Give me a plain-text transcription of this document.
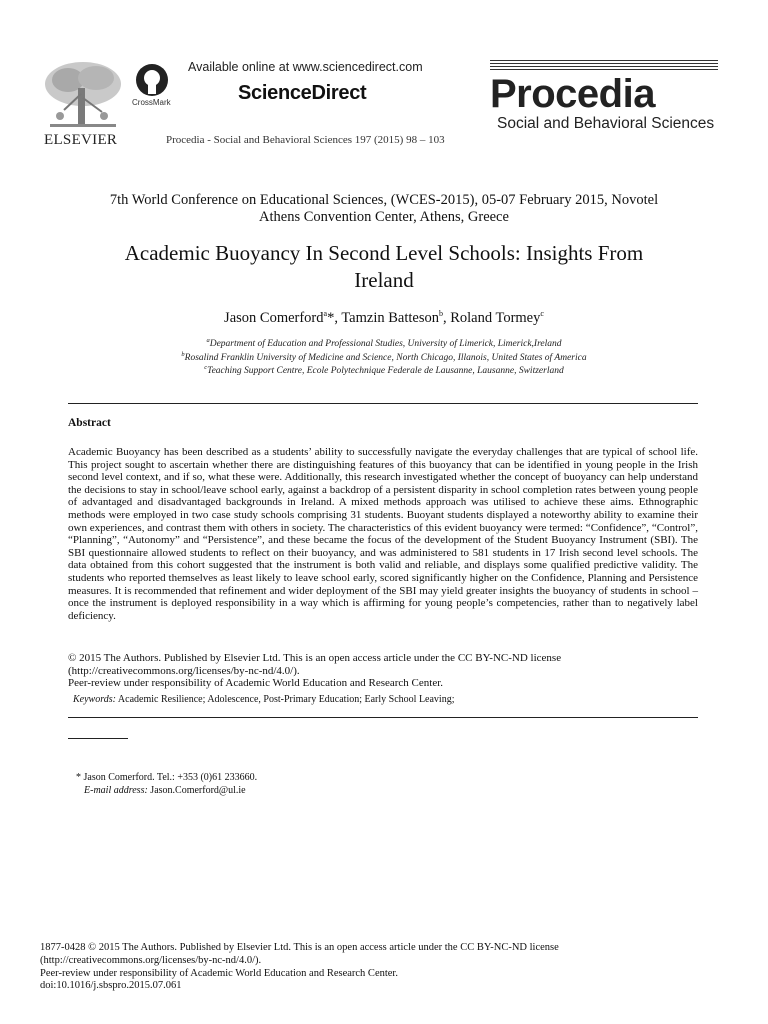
ELSEVIER
CrossMark
Available online at www.sciencedirect.com
ScienceDirect
Procedia - Social and Behavioral Sciences 197 (2015) 98 – 103
Procedia
Social and Behavioral Sciences
7th World Conference on Educational Sciences, (WCES-2015), 05-07 February 2015, Novotel
Athens Convention Center, Athens, Greece
Academic Buoyancy In Second Level Schools: Insights From
Ireland
Jason Comerford$^a$*, Tamzin Batteson$^b$, Roland Tormey$^c$
$^a$Department of Education and Professional Studies, University of Limerick, Limerick,Ireland
$^b$Rosalind Franklin University of Medicine and Science, North Chicago, Illanois, United States of America
$^c$Teaching Support Centre, Ecole Polytechnique Federale de Lausanne, Lausanne, Switzerland
Abstract
Academic Buoyancy has been described as a students’ ability to successfully navigate the everyday challenges that are typical of school life. This project sought to ascertain whether there are distinguishing features of this buoyancy that can be identified in young people in the Irish second level context, and if so, what these were. Additionally, this research investigated whether the concept of buoyancy can help understand the decisions to stay in school/leave school early, against a backdrop of a persistent disparity in school completion rates between young people of advantaged and disadvantaged backgrounds in Ireland. A mixed methods approach was utilised to achieve these aims. Ethnographic methods were employed in two case study schools comprising 31 students. Buoyant students displayed a noteworthy ability to examine their own experiences, and contrast them with others in society. The characteristics of this evident buoyancy were termed: “Confidence”, “Control”, “Planning”, “Autonomy” and “Persistence”, and these became the focus of the development of the Student Buoyancy Instrument (SBI). The SBI questionnaire allowed students to reflect on their buoyancy, and was administered to 581 students in 17 Irish second level schools. The data obtained from this cohort suggested that the instrument is both valid and reliable, and displays some qualified predictive validity. The students who reported themselves as least likely to leave school early, scored significantly higher on the Confidence, Planning and Persistence measures. It is recommended that refinement and wider deployment of the SBI may yield greater insights the buoyancy of students in school – once the instrument is deployed responsibility in a way which is affirming for young people’s competencies, rather than to negatively label deficiency.
© 2015 The Authors. Published by Elsevier Ltd. This is an open access article under the CC BY-NC-ND license
(http://creativecommons.org/licenses/by-nc-nd/4.0/).
Peer-review under responsibility of Academic World Education and Research Center.
Keywords: Academic Resilience; Adolescence, Post-Primary Education; Early School Leaving;
* Jason Comerford. Tel.: +353 (0)61 233660.
E-mail address: Jason.Comerford@ul.ie
1877-0428 © 2015 The Authors. Published by Elsevier Ltd. This is an open access article under the CC BY-NC-ND license
(http://creativecommons.org/licenses/by-nc-nd/4.0/).
Peer-review under responsibility of Academic World Education and Research Center.
doi:10.1016/j.sbspro.2015.07.061
